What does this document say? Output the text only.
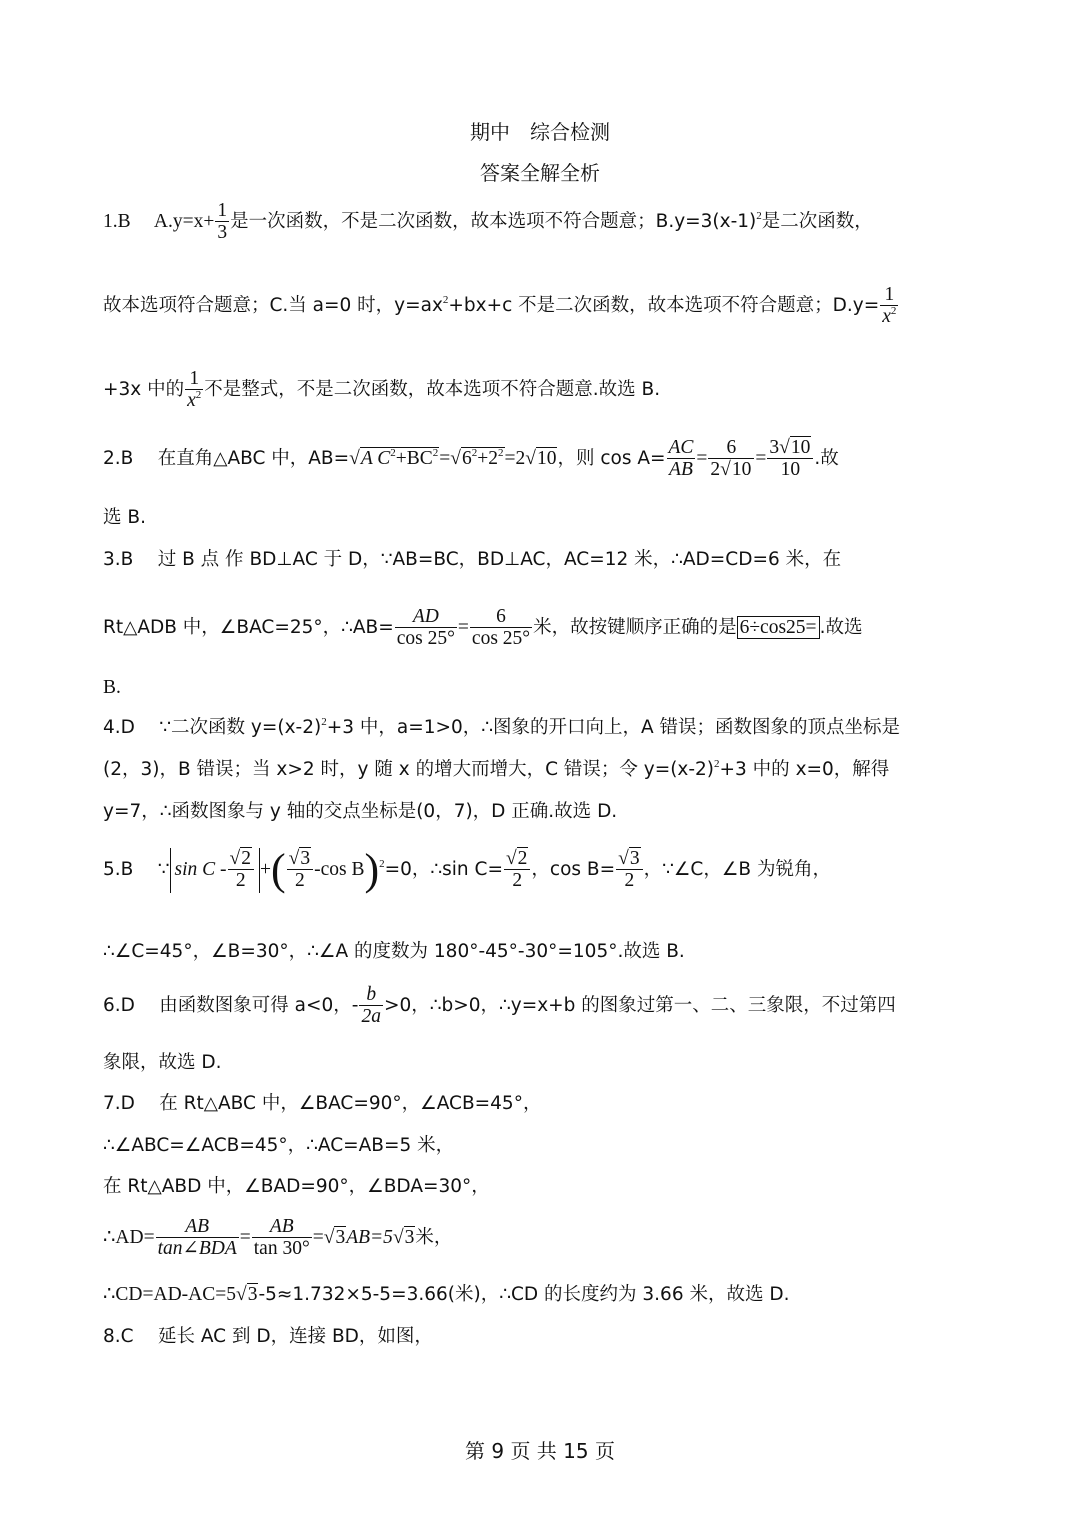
期中　综合检测
答案全解全析
1.B　 $A.y=x+ \frac{1}{3}$ 是一次函数，不是二次函数，故本选项不符合题意；$B.y=3(x-1)^2$是二次函数，
故本选项符合题意；C.当 a=0 时，$y=ax^2+bx+c$ 不是二次函数，故本选项不符合题意；$D.y= \frac{1}{x^2}$
+3x 中的 $\frac{1}{x^2}$ 不是整式，不是二次函数，故本选项不符合题意.故选 B.
2.B　 在直角△ABC 中，AB=√A $C^2+BC^2=√6^2+2^2=2√10$，则 $\cos A= \frac{AC}{AB} = \frac{6}{2√10} = \frac{3√10}{10}$ .故
选 B.
3.B　 过 B 点 作 BD⊥AC 于 D，∵AB=BC，BD⊥AC，AC=12 米，∴AD=CD=6 米，在
Rt△ADB 中，∠BAC=25°，∴AB= $\frac{AD}{\cos 25^\circ} = \frac{6}{\cos 25^\circ}$ 米，故按键顺序正确的是 6÷cos25= .故选
B.
4.D　 ∵二次函数 $y=(x-2)^2+3$ 中，a=1>0，∴图象的开口向上，A 错误；函数图象的顶点坐标是
(2，3)，B 错误；当 x>2 时，y 随 x 的增大而增大，C 错误；令 $y=(x-2)^2+3$ 中的 x=0，解得
y=7，∴函数图象与 y 轴的交点坐标是(0，7)，D 正确.故选 D.
5.B　 ∵ sin C - $\frac{√2}{2}$ +( $\frac{√3}{2} -\cos$ B)$^2$=0，∴sin $C= \frac{√2}{2}$ ，$\cos B= \frac{√3}{2}$ ，∵∠C，∠B 为锐角，
∴∠C=45°，∠B=30°，∴∠A 的度数为 180°-45°-30°=105°.故选 B.
6.D　 由函数图象可得 a<0，- $\frac{b}{2a} >0$，∴b>0，∴y=x+b 的图象过第一、二、三象限，不过第四
象限，故选 D.
7.D　 在 Rt△ABC 中，∠BAC=90°，∠ACB=45°，
∴∠ABC=∠ACB=45°，∴AC=AB=5 米，
在 Rt△ABD 中，∠BAD=90°，∠BDA=30°，
∴AD= $\frac{AB}{\text{tan∠BDA}} = \frac{AB}{\tan 30^\circ} =√3AB=5√3$米，
∴CD=AD-AC=5√3-5≈1.732×5-5=3.66(米)，∴CD 的长度约为 3.66 米，故选 D.
8.C　 延长 AC 到 D，连接 BD，如图，
第 9 页 共 15 页
